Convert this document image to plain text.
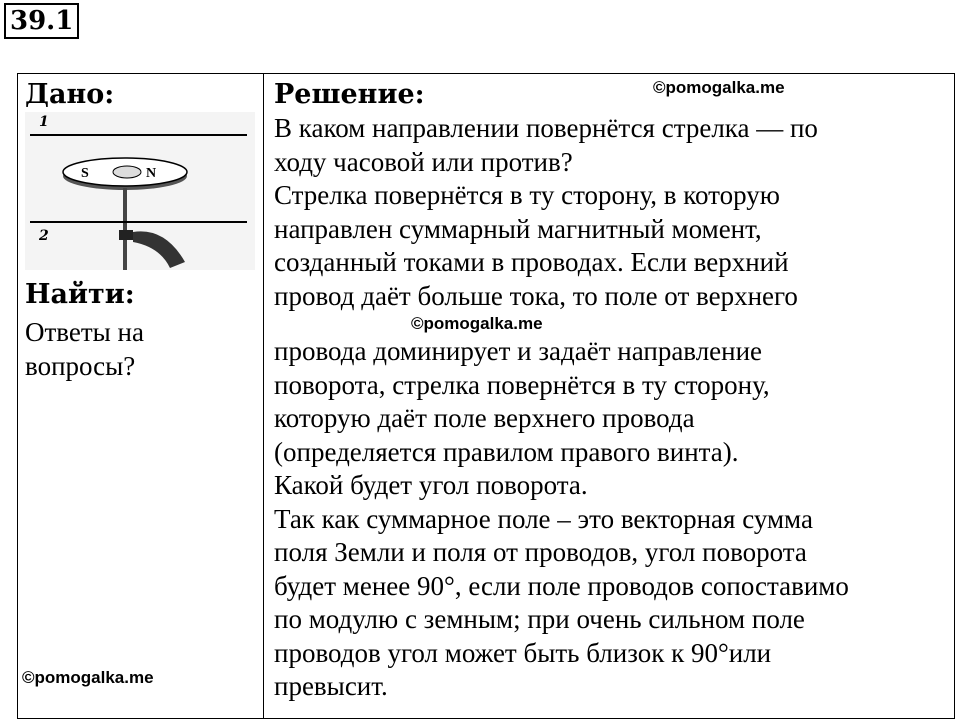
39.1
Дано:
1
S	N
2
Найти:
Ответы на
вопросы?
Решение:
В каком направлении повернётся стрелка — по
ходу часовой или против?
Стрелка повернётся в ту сторону, в которую
направлен суммарный магнитный момент,
созданный токами в проводах. Если верхний
провод даёт больше тока, то поле от верхнего
©pomogalka.me
провода доминирует и задаёт направление
поворота, стрелка повернётся в ту сторону,
которую даёт поле верхнего провода
(определяется правилом правого винта).
Какой будет угол поворота.
Так как суммарное поле – это векторная сумма
поля Земли и поля от проводов, угол поворота
будет менее 90°, если поле проводов сопоставимо
по модулю с земным; при очень сильном поле
проводов угол может быть близок к 90°или
превысит.
©pomogalka.me
©pomogalka.me
